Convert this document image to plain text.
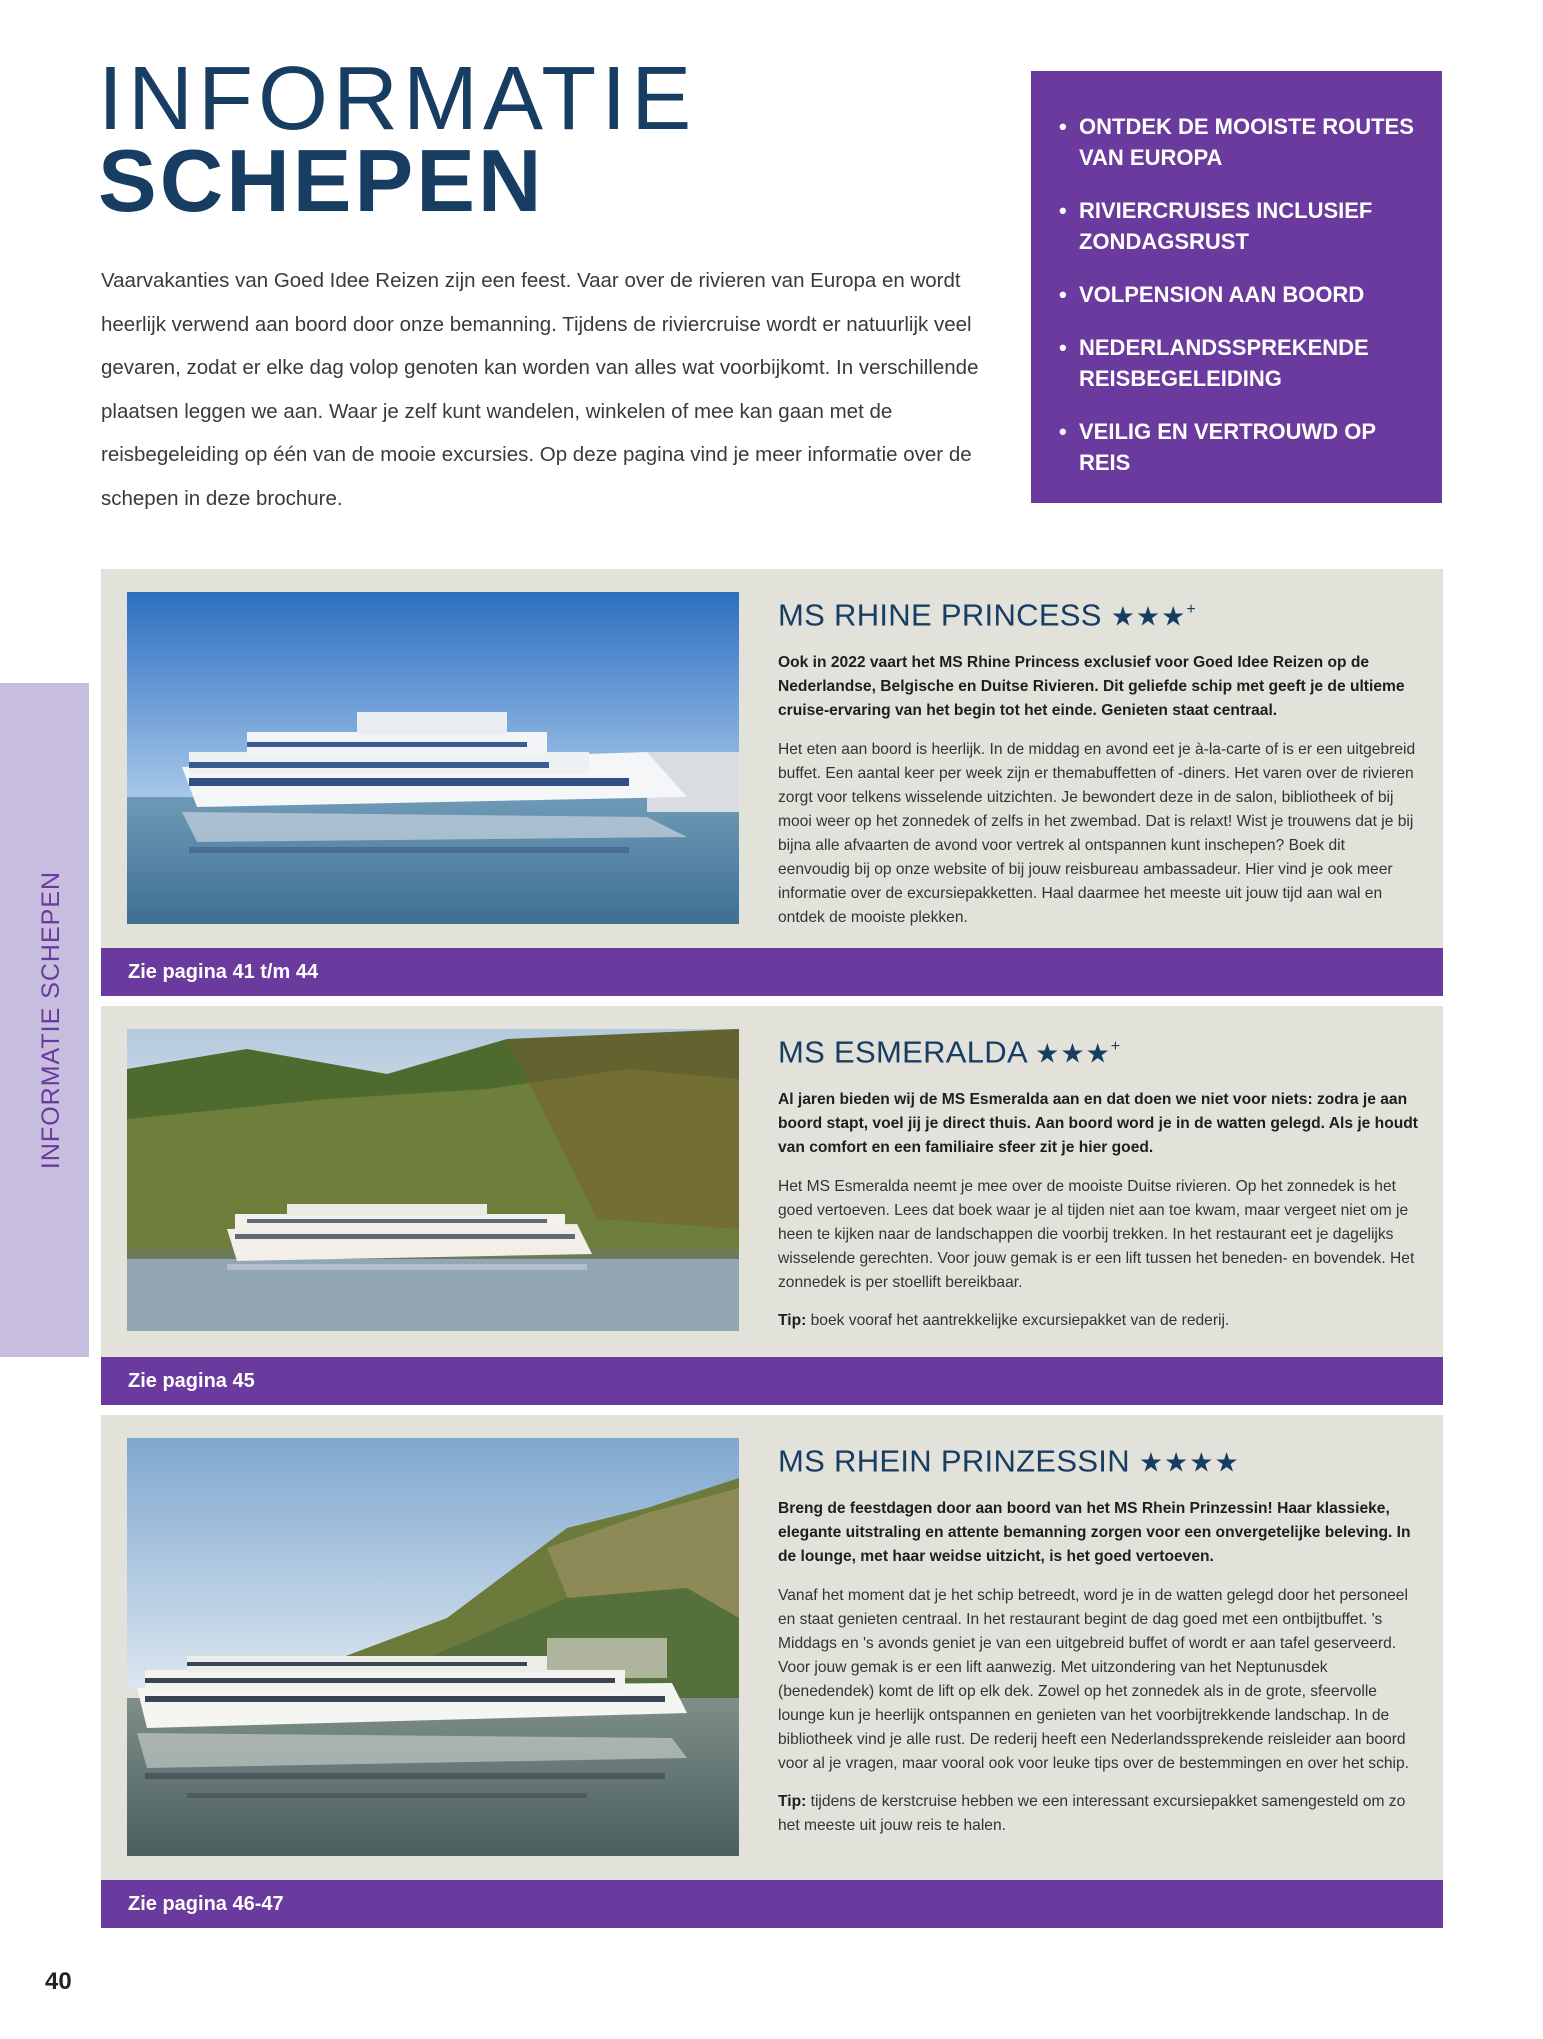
INFORMATIE
SCHEPEN

Vaarvakanties van Goed Idee Reizen zijn een feest. Vaar over de rivieren van Europa en wordt heerlijk verwend aan boord door onze bemanning. Tijdens de riviercruise wordt er natuurlijk veel gevaren, zodat er elke dag volop genoten kan worden van alles wat voorbijkomt. In verschillende plaatsen leggen we aan. Waar je zelf kunt wandelen, winkelen of mee kan gaan met de reisbegeleiding op één van de mooie excursies. Op deze pagina vind je meer informatie over de schepen in deze brochure.

• ONTDEK DE MOOISTE ROUTES VAN EUROPA
• RIVIERCRUISES INCLUSIEF ZONDAGSRUST
• VOLPENSION AAN BOORD
• NEDERLANDSSPREKENDE REISBEGELEIDING
• VEILIG EN VERTROUWD OP REIS
INFORMATIE SCHEPEN
MS RHINE PRINCESS ★★★+

Ook in 2022 vaart het MS Rhine Princess exclusief voor Goed Idee Reizen op de Nederlandse, Belgische en Duitse Rivieren. Dit geliefde schip met geeft je de ultieme cruise-ervaring van het begin tot het einde. Genieten staat centraal.

Het eten aan boord is heerlijk. In de middag en avond eet je à-la-carte of is er een uitgebreid buffet. Een aantal keer per week zijn er themabuffetten of -diners. Het varen over de rivieren zorgt voor telkens wisselende uitzichten. Je bewondert deze in de salon, bibliotheek of bij mooi weer op het zonnedek of zelfs in het zwembad. Dat is relaxt! Wist je trouwens dat je bij bijna alle afvaarten de avond voor vertrek al ontspannen kunt inschepen? Boek dit eenvoudig bij op onze website of bij jouw reisbureau ambassadeur. Hier vind je ook meer informatie over de excursiepakketten. Haal daarmee het meeste uit jouw tijd aan wal en ontdek de mooiste plekken.

Zie pagina 41 t/m 44
MS ESMERALDA ★★★+

Al jaren bieden wij de MS Esmeralda aan en dat doen we niet voor niets: zodra je aan boord stapt, voel jij je direct thuis. Aan boord word je in de watten gelegd. Als je houdt van comfort en een familiaire sfeer zit je hier goed.

Het MS Esmeralda neemt je mee over de mooiste Duitse rivieren. Op het zonnedek is het goed vertoeven. Lees dat boek waar je al tijden niet aan toe kwam, maar vergeet niet om je heen te kijken naar de landschappen die voorbij trekken. In het restaurant eet je dagelijks wisselende gerechten. Voor jouw gemak is er een lift tussen het beneden- en bovendek. Het zonnedek is per stoellift bereikbaar.

Tip: boek vooraf het aantrekkelijke excursiepakket van de rederij.

Zie pagina 45
MS RHEIN PRINZESSIN ★★★★

Breng de feestdagen door aan boord van het MS Rhein Prinzessin! Haar klassieke, elegante uitstraling en attente bemanning zorgen voor een onvergetelijke beleving. In de lounge, met haar weidse uitzicht, is het goed vertoeven.

Vanaf het moment dat je het schip betreedt, word je in de watten gelegd door het personeel en staat genieten centraal. In het restaurant begint de dag goed met een ontbijtbuffet. 's Middags en 's avonds geniet je van een uitgebreid buffet of wordt er aan tafel geserveerd. Voor jouw gemak is er een lift aanwezig. Met uitzondering van het Neptunusdek (benedendek) komt de lift op elk dek. Zowel op het zonnedek als in de grote, sfeervolle lounge kun je heerlijk ontspannen en genieten van het voorbijtrekkende landschap. In de bibliotheek vind je alle rust. De rederij heeft een Nederlandssprekende reisleider aan boord voor al je vragen, maar vooral ook voor leuke tips over de bestemmingen en over het schip.

Tip: tijdens de kerstcruise hebben we een interessant excursiepakket samengesteld om zo het meeste uit jouw reis te halen.

Zie pagina 46-47
40
